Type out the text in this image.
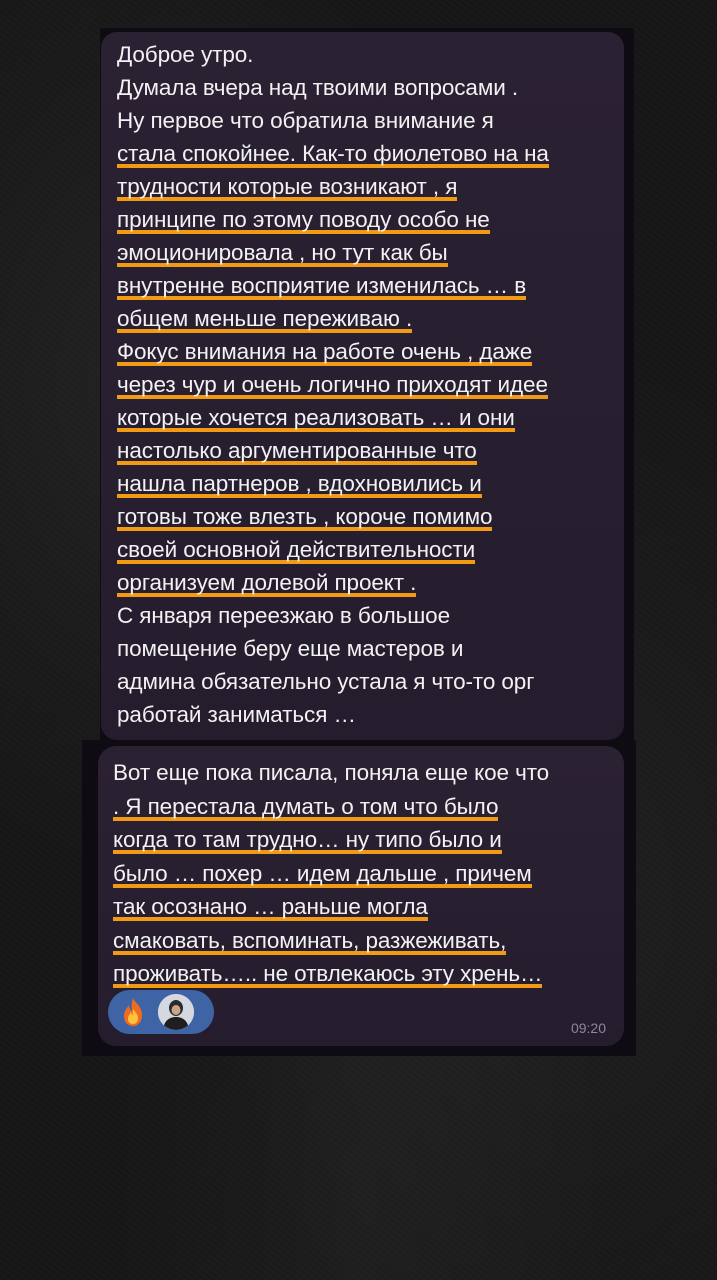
Доброе утро.
Думала вчера над твоими вопросами .
Ну первое что обратила внимание я
стала спокойнее. Как-то фиолетово на на
трудности которые возникают , я
принципе по этому поводу особо не
эмоционировала , но тут как бы
внутренне восприятие изменилась … в
общем меньше переживаю .
Фокус внимания на работе очень , даже
через чур и очень логично приходят идее
которые хочется реализовать … и они
настолько аргументированные что
нашла партнеров , вдохновились и
готовы тоже влезть , короче помимо
своей основной действительности
организуем долевой проект .
С января переезжаю в большое
помещение беру еще мастеров и
админа обязательно устала я что-то орг
работай заниматься …
Вот еще пока писала, поняла еще кое что
. Я перестала думать о том что было
когда то там трудно… ну типо было и
было … похер … идем дальше , причем
так осознано … раньше могла
смаковать, вспоминать, разжеживать,
проживать….. не отвлекаюсь эту хрень…
09:20
